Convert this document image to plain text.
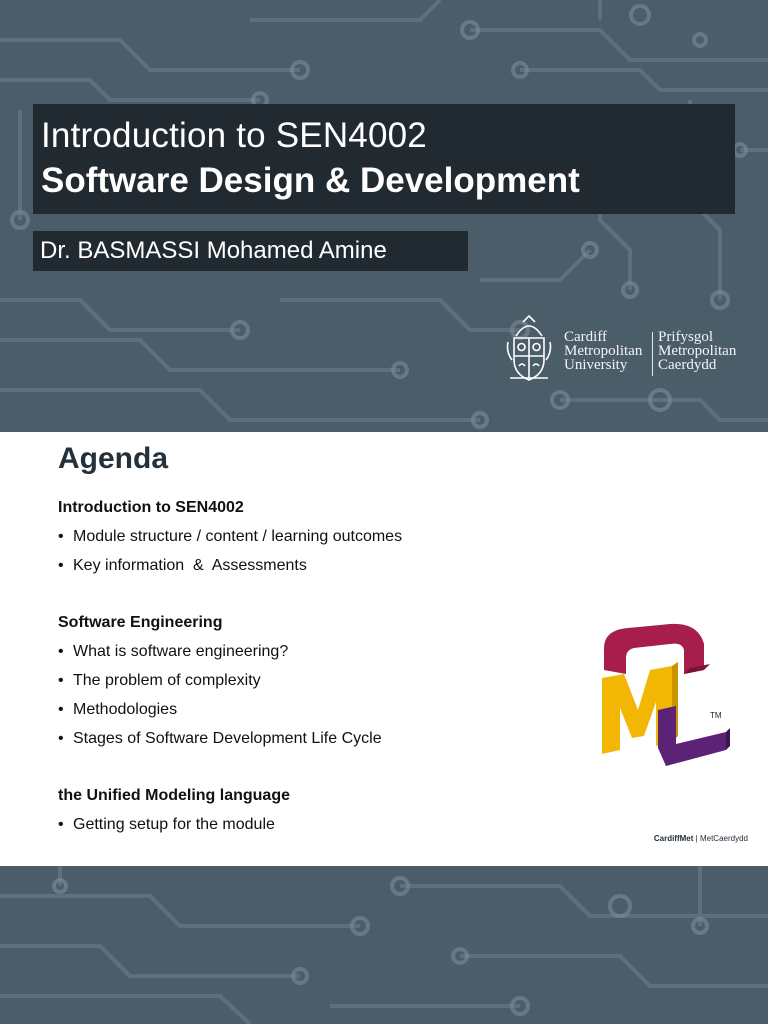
Introduction to SEN4002
Software Design & Development
Dr. BASMASSI Mohamed Amine
Cardiff
Metropolitan
University
Prifysgol
Metropolitan
Caerdydd
Agenda
Introduction to SEN4002
• Module structure / content / learning outcomes
• Key information  &  Assessments
Software Engineering
• What is software engineering?
• The problem of complexity
• Methodologies
• Stages of Software Development Life Cycle
the Unified Modeling language
• Getting setup for the module
TM
CardiffMet | MetCaerdydd
